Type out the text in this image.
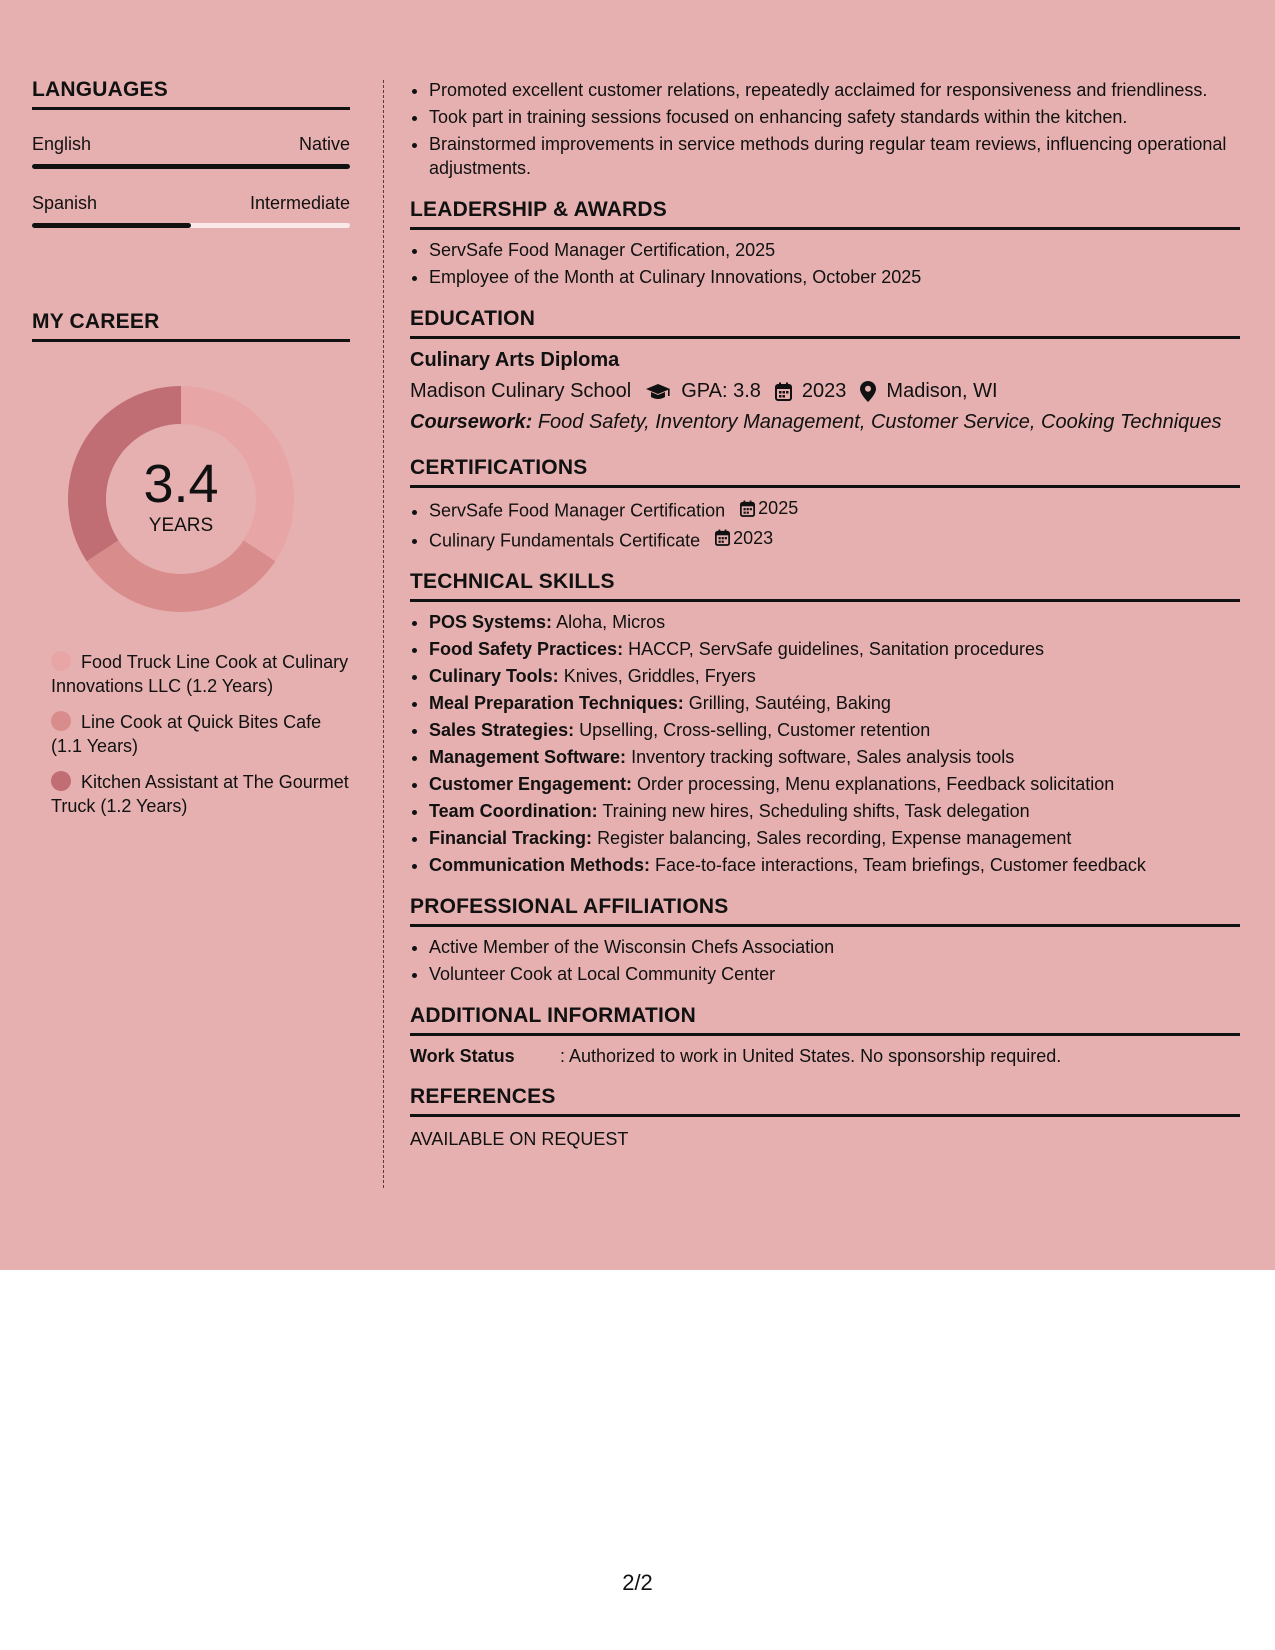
LANGUAGES
English	Native
Spanish	Intermediate
MY CAREER
3.4
YEARS
Food Truck Line Cook at Culinary Innovations LLC (1.2 Years)
Line Cook at Quick Bites Cafe (1.1 Years)
Kitchen Assistant at The Gourmet Truck (1.2 Years)
• Promoted excellent customer relations, repeatedly acclaimed for responsiveness and friendliness.
• Took part in training sessions focused on enhancing safety standards within the kitchen.
• Brainstormed improvements in service methods during regular team reviews, influencing operational adjustments.
LEADERSHIP & AWARDS
• ServSafe Food Manager Certification, 2025
• Employee of the Month at Culinary Innovations, October 2025
EDUCATION
Culinary Arts Diploma
Madison Culinary School	GPA: 3.8 2023 Madison, WI
Coursework: Food Safety, Inventory Management, Customer Service, Cooking Techniques
CERTIFICATIONS
• ServSafe Food Manager Certification 2025
• Culinary Fundamentals Certificate 2023
TECHNICAL SKILLS
• POS Systems: Aloha, Micros
• Food Safety Practices: HACCP, ServSafe guidelines, Sanitation procedures
• Culinary Tools: Knives, Griddles, Fryers
• Meal Preparation Techniques: Grilling, Sautéing, Baking
• Sales Strategies: Upselling, Cross-selling, Customer retention
• Management Software: Inventory tracking software, Sales analysis tools
• Customer Engagement: Order processing, Menu explanations, Feedback solicitation
• Team Coordination: Training new hires, Scheduling shifts, Task delegation
• Financial Tracking: Register balancing, Sales recording, Expense management
• Communication Methods: Face-to-face interactions, Team briefings, Customer feedback
PROFESSIONAL AFFILIATIONS
• Active Member of the Wisconsin Chefs Association
• Volunteer Cook at Local Community Center
ADDITIONAL INFORMATION
Work Status	: Authorized to work in United States. No sponsorship required.
REFERENCES
AVAILABLE ON REQUEST
2/2
